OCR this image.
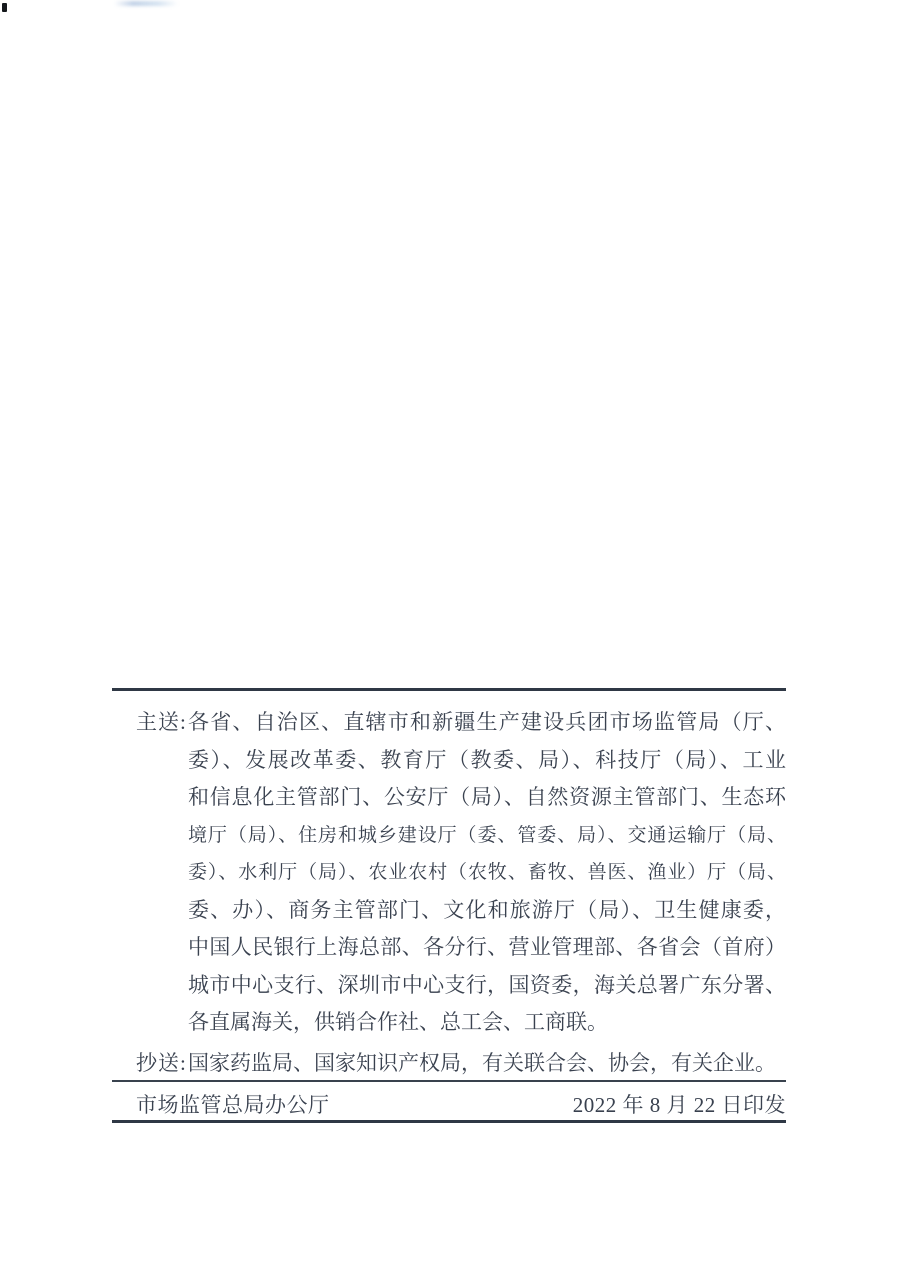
主送: 各省、自治区、直辖市和新疆生产建设兵团市场监管局（厅、
委）、发展改革委、教育厅（教委、局）、科技厅（局）、工业
和信息化主管部门、公安厅（局）、自然资源主管部门、生态环
境厅（局）、住房和城乡建设厅（委、管委、局）、交通运输厅（局、
委）、水利厅（局）、农业农村（农牧、畜牧、兽医、渔业）厅（局、
委、办）、商务主管部门、文化和旅游厅（局）、卫生健康委，
中国人民银行上海总部、各分行、营业管理部、各省会（首府）
城市中心支行、深圳市中心支行，国资委，海关总署广东分署、
各直属海关，供销合作社、总工会、工商联。
抄送: 国家药监局、国家知识产权局，有关联合会、协会，有关企业。
市场监管总局办公厅	2022 年 8 月 22 日印发
